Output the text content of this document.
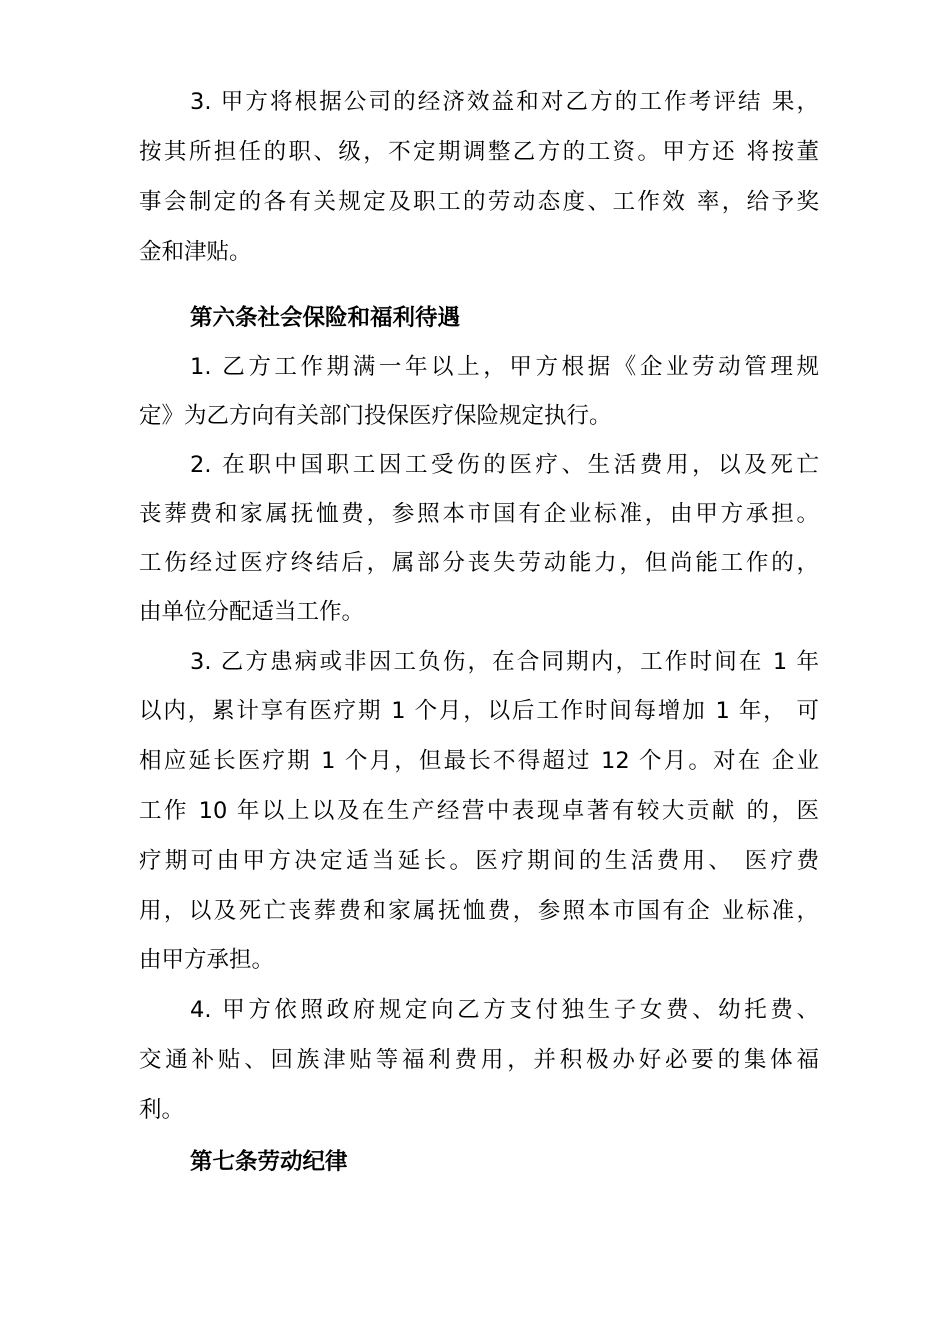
3. 甲方将根据公司的经济效益和对乙方的工作考评结 果，
按其所担任的职、级，不定期调整乙方的工资。甲方还 将按董
事会制定的各有关规定及职工的劳动态度、工作效 率，给予奖
金和津贴。
第六条社会保险和福利待遇
1. 乙方工作期满一年以上，甲方根据《企业劳动管理规
定》为乙方向有关部门投保医疗保险规定执行。
2. 在职中国职工因工受伤的医疗、生活费用，以及死亡
丧葬费和家属抚恤费，参照本市国有企业标准，由甲方承担。
工伤经过医疗终结后，属部分丧失劳动能力，但尚能工作的，
由单位分配适当工作。
3. 乙方患病或非因工负伤，在合同期内，工作时间在 1 年
以内，累计享有医疗期 1 个月，以后工作时间每增加 1 年， 可
相应延长医疗期 1 个月，但最长不得超过 12 个月。对在 企业
工作 10 年以上以及在生产经营中表现卓著有较大贡献 的，医
疗期可由甲方决定适当延长。医疗期间的生活费用、 医疗费
用，以及死亡丧葬费和家属抚恤费，参照本市国有企 业标准，
由甲方承担。
4. 甲方依照政府规定向乙方支付独生子女费、幼托费、
交通补贴、回族津贴等福利费用，并积极办好必要的集体福
利。
第七条劳动纪律
